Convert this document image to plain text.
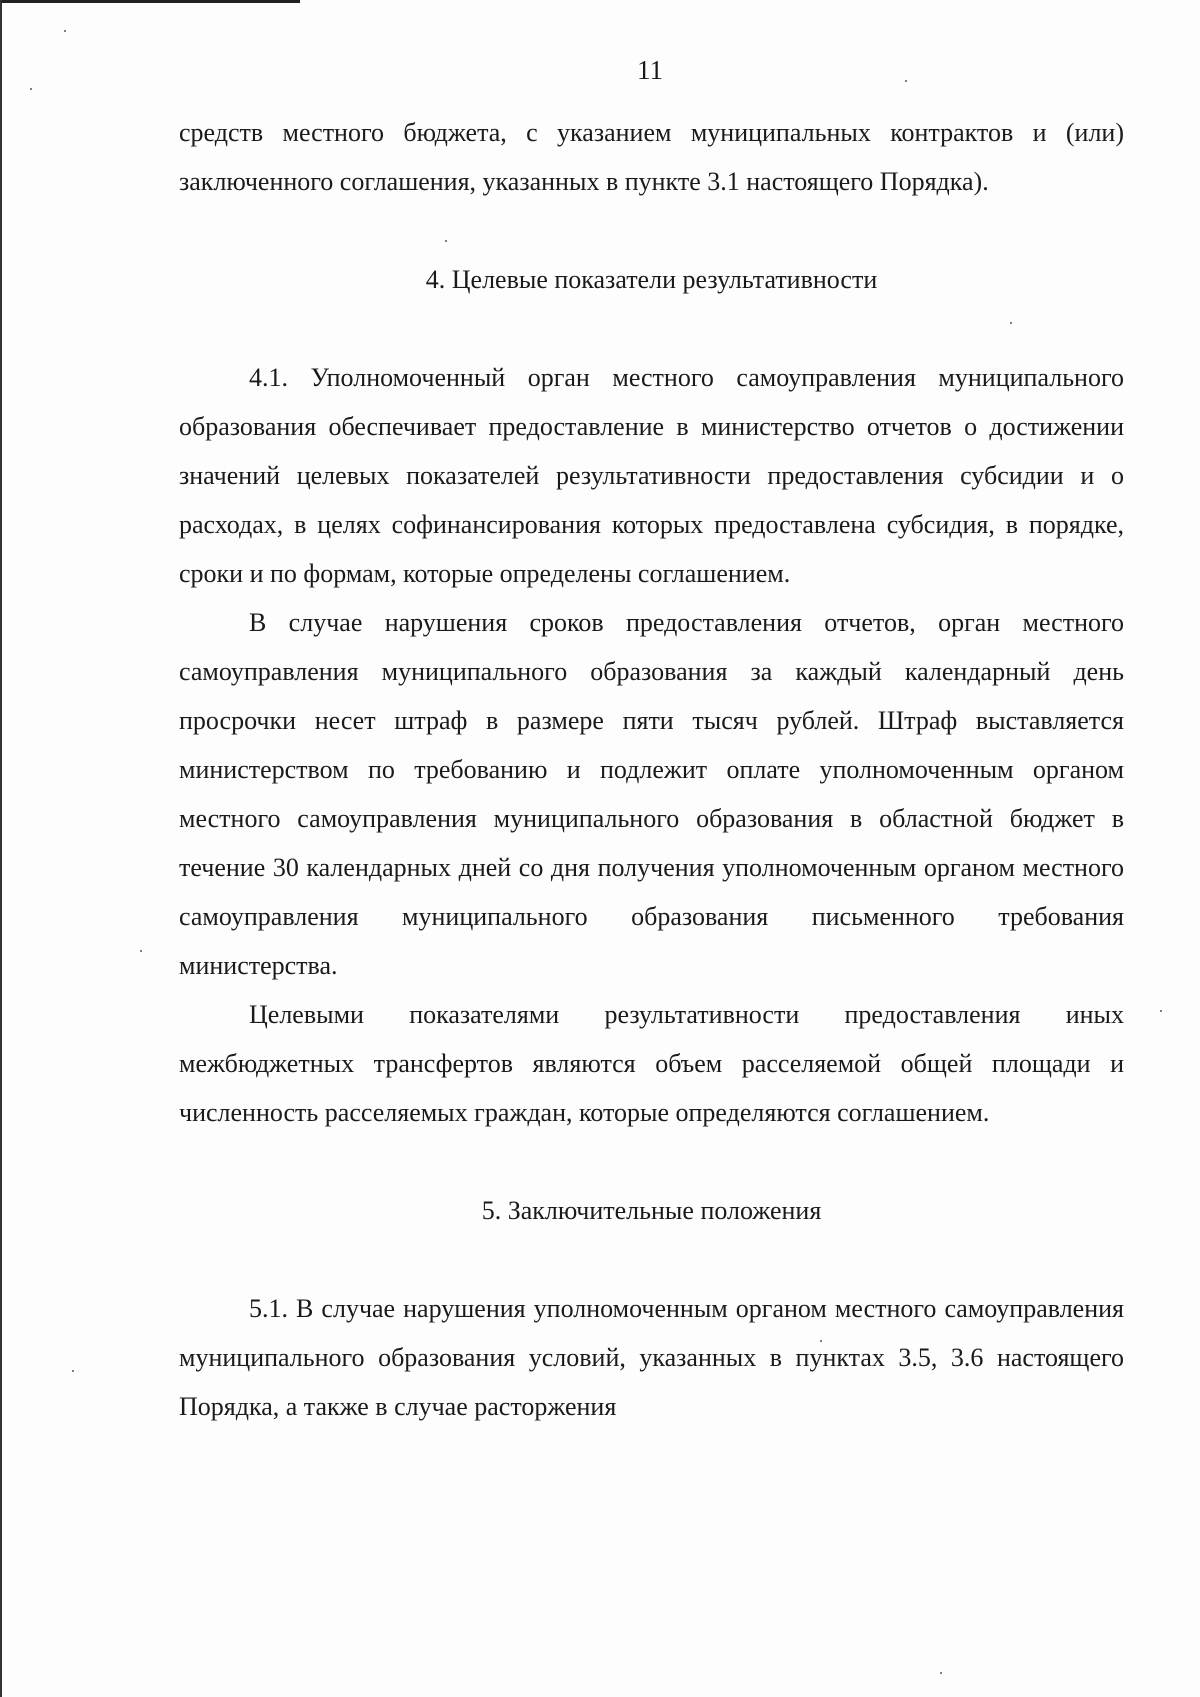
11

средств местного бюджета, с указанием муниципальных контрактов и (или) заключенного соглашения, указанных в пункте 3.1 настоящего Порядка).

4. Целевые показатели результативности

4.1. Уполномоченный орган местного самоуправления муниципального образования обеспечивает предоставление в министерство отчетов о достижении значений целевых показателей результативности предоставления субсидии и о расходах, в целях софинансирования которых предоставлена субсидия, в порядке, сроки и по формам, которые определены соглашением.

В случае нарушения сроков предоставления отчетов, орган местного самоуправления муниципального образования за каждый календарный день просрочки несет штраф в размере пяти тысяч рублей. Штраф выставляется министерством по требованию и подлежит оплате уполномоченным органом местного самоуправления муниципального образования в областной бюджет в течение 30 календарных дней со дня получения уполномоченным органом местного самоуправления муниципального образования письменного требования министерства.

Целевыми показателями результативности предоставления иных межбюджетных трансфертов являются объем расселяемой общей площади и численность расселяемых граждан, которые определяются соглашением.

5. Заключительные положения

5.1. В случае нарушения уполномоченным органом местного самоуправления муниципального образования условий, указанных в пунктах 3.5, 3.6 настоящего Порядка, а также в случае расторжения
